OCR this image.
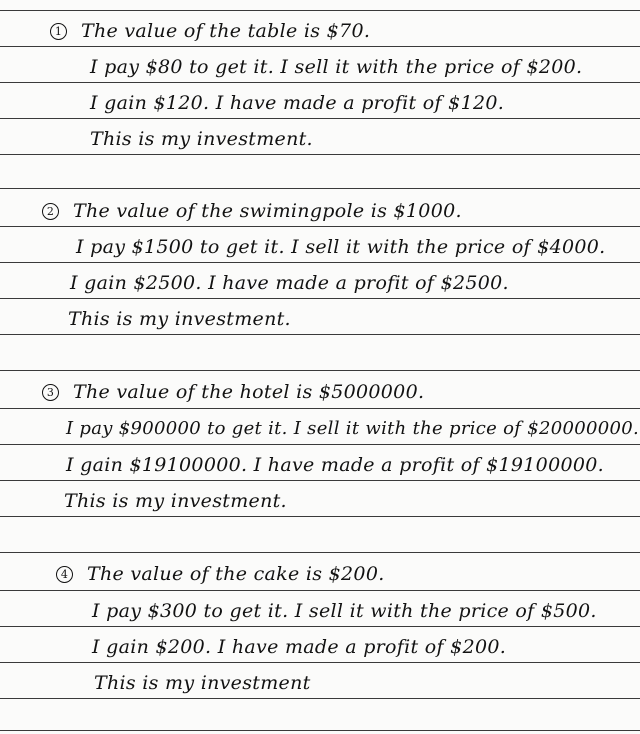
1 The value of the table is $70.
I pay $80 to get it. I sell it with the price of $200.
I gain $120. I have made a profit of $120.
This is my investment.
2 The value of the swimingpole is $1000.
I pay $1500 to get it. I sell it with the price of $4000.
I gain $2500. I have made a profit of $2500.
This is my investment.
3 The value of the hotel is $5000000.
I pay $900000 to get it. I sell it with the price of $20000000.
I gain $19100000. I have made a profit of $19100000.
This is my investment.
4 The value of the cake is $200.
I pay $300 to get it. I sell it with the price of $500.
I gain $200. I have made a profit of $200.
This is my investment
